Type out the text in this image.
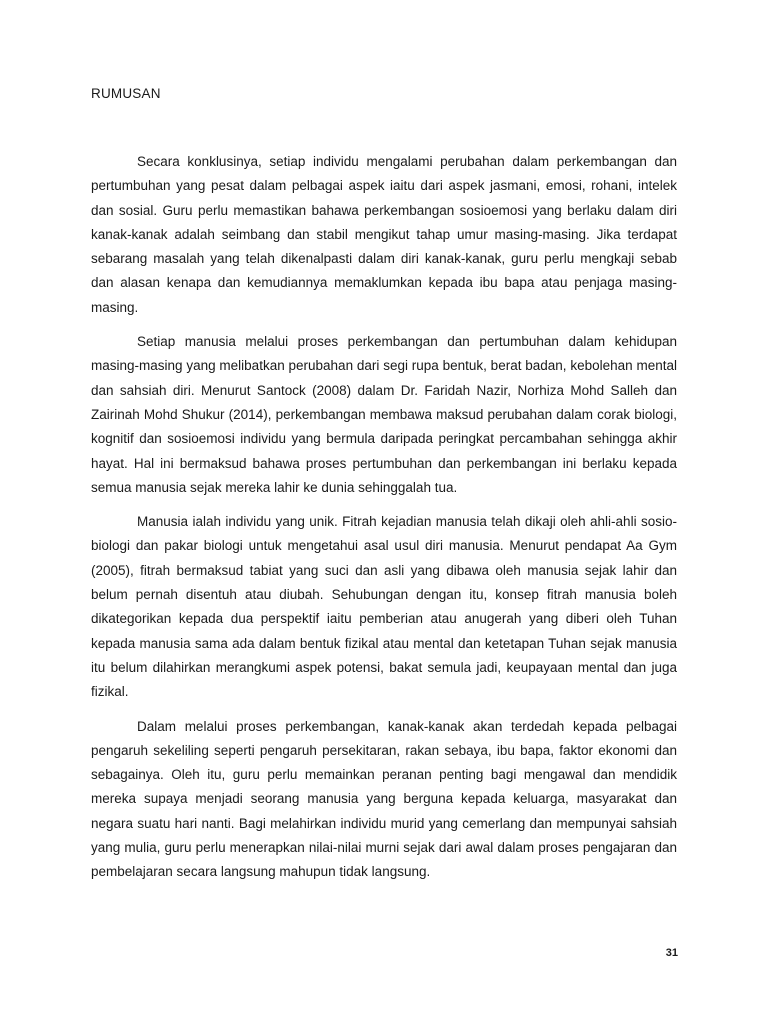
RUMUSAN

Secara konklusinya, setiap individu mengalami perubahan dalam perkembangan dan pertumbuhan yang pesat dalam pelbagai aspek iaitu dari aspek jasmani, emosi, rohani, intelek dan sosial. Guru perlu memastikan bahawa perkembangan sosioemosi yang berlaku dalam diri kanak-kanak adalah seimbang dan stabil mengikut tahap umur masing-masing. Jika terdapat sebarang masalah yang telah dikenalpasti dalam diri kanak-kanak, guru perlu mengkaji sebab dan alasan kenapa dan kemudiannya memaklumkan kepada ibu bapa atau penjaga masing-masing.

Setiap manusia melalui proses perkembangan dan pertumbuhan dalam kehidupan masing-masing yang melibatkan perubahan dari segi rupa bentuk, berat badan, kebolehan mental dan sahsiah diri. Menurut Santock (2008) dalam Dr. Faridah Nazir, Norhiza Mohd Salleh dan Zairinah Mohd Shukur (2014), perkembangan membawa maksud perubahan dalam corak biologi, kognitif dan sosioemosi individu yang bermula daripada peringkat percambahan sehingga akhir hayat. Hal ini bermaksud bahawa proses pertumbuhan dan perkembangan ini berlaku kepada semua manusia sejak mereka lahir ke dunia sehinggalah tua.

Manusia ialah individu yang unik. Fitrah kejadian manusia telah dikaji oleh ahli-ahli sosio-biologi dan pakar biologi untuk mengetahui asal usul diri manusia. Menurut pendapat Aa Gym (2005), fitrah bermaksud tabiat yang suci dan asli yang dibawa oleh manusia sejak lahir dan belum pernah disentuh atau diubah. Sehubungan dengan itu, konsep fitrah manusia boleh dikategorikan kepada dua perspektif iaitu pemberian atau anugerah yang diberi oleh Tuhan kepada manusia sama ada dalam bentuk fizikal atau mental dan ketetapan Tuhan sejak manusia itu belum dilahirkan merangkumi aspek potensi, bakat semula jadi, keupayaan mental dan juga fizikal.

Dalam melalui proses perkembangan, kanak-kanak akan terdedah kepada pelbagai pengaruh sekeliling seperti pengaruh persekitaran, rakan sebaya, ibu bapa, faktor ekonomi dan sebagainya. Oleh itu, guru perlu memainkan peranan penting bagi mengawal dan mendidik mereka supaya menjadi seorang manusia yang berguna kepada keluarga, masyarakat dan negara suatu hari nanti. Bagi melahirkan individu murid yang cemerlang dan mempunyai sahsiah yang mulia, guru perlu menerapkan nilai-nilai murni sejak dari awal dalam proses pengajaran dan pembelajaran secara langsung mahupun tidak langsung.

31
